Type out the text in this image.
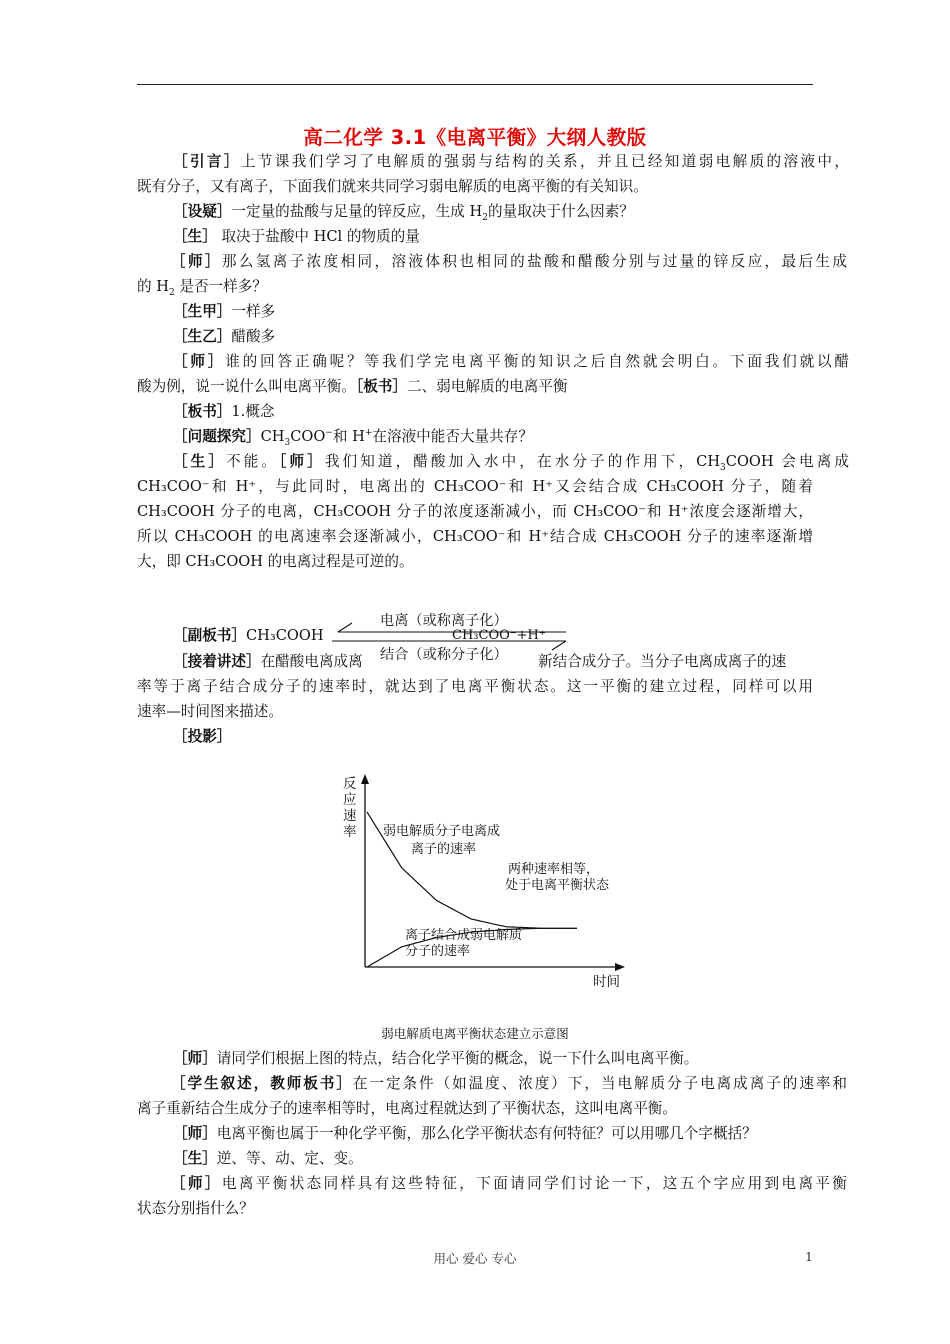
高二化学 3.1《电离平衡》大纲人教版
［引言］上节课我们学习了电解质的强弱与结构的关系，并且已经知道弱电解质的溶液中，
既有分子，又有离子，下面我们就来共同学习弱电解质的电离平衡的有关知识。
［设疑］一定量的盐酸与足量的锌反应，生成 $H_2$的量取决于什么因素？
［生］ 取决于盐酸中 HCl 的物质的量
［师］那么氢离子浓度相同，溶液体积也相同的盐酸和醋酸分别与过量的锌反应，最后生成
的 $H_2$ 是否一样多？
［生甲］一样多
［生乙］醋酸多
［师］谁的回答正确呢？等我们学完电离平衡的知识之后自然就会明白。下面我们就以醋
酸为例，说一说什么叫电离平衡。［板书］二、弱电解质的电离平衡
［板书］1.概念
［问题探究$]CH_3COO^-$和 H+在溶液中能否大量共存？
［生］不能。［师］我们知道，醋酸加入水中，在水分子的作用下，$CH_3COOH$ 会电离成
CH₃COO⁻和 H⁺，与此同时，电离出的 CH₃COO⁻和 H⁺又会结合成 CH₃COOH 分子，随着
CH₃COOH 分子的电离，CH₃COOH 分子的浓度逐渐减小，而 CH₃COO⁻和 H⁺浓度会逐渐增大，
所以 CH₃COOH 的电离速率会逐渐减小，CH₃COO⁻和 H⁺结合成 CH₃COOH 分子的速率逐渐增
大，即 CH₃COOH 的电离过程是可逆的。
［副板书］CH₃COOH
电离（或称离子化）
CH₃COO⁻+H⁺
结合（或称分子化）
［接着讲述］在醋酸电离成离	新结合成分子。当分子电离成离子的速
率等于离子结合成分子的速率时，就达到了电离平衡状态。这一平衡的建立过程，同样可以用
速率—时间图来描述。
［投影］
反
应
速
率
时间
弱电解质分子电离成
离子的速率
两种速率相等，
处于电离平衡状态
离子结合成弱电解质
分子的速率
弱电解质电离平衡状态建立示意图
［师］请同学们根据上图的特点，结合化学平衡的概念，说一下什么叫电离平衡。
［学生叙述，教师板书］在一定条件（如温度、浓度）下，当电解质分子电离成离子的速率和
离子重新结合生成分子的速率相等时，电离过程就达到了平衡状态，这叫电离平衡。
［师］电离平衡也属于一种化学平衡，那么化学平衡状态有何特征？可以用哪几个字概括？
［生］逆、等、动、定、变。
［师］电离平衡状态同样具有这些特征，下面请同学们讨论一下，这五个字应用到电离平衡
状态分别指什么？
用心 爱心 专心	1
